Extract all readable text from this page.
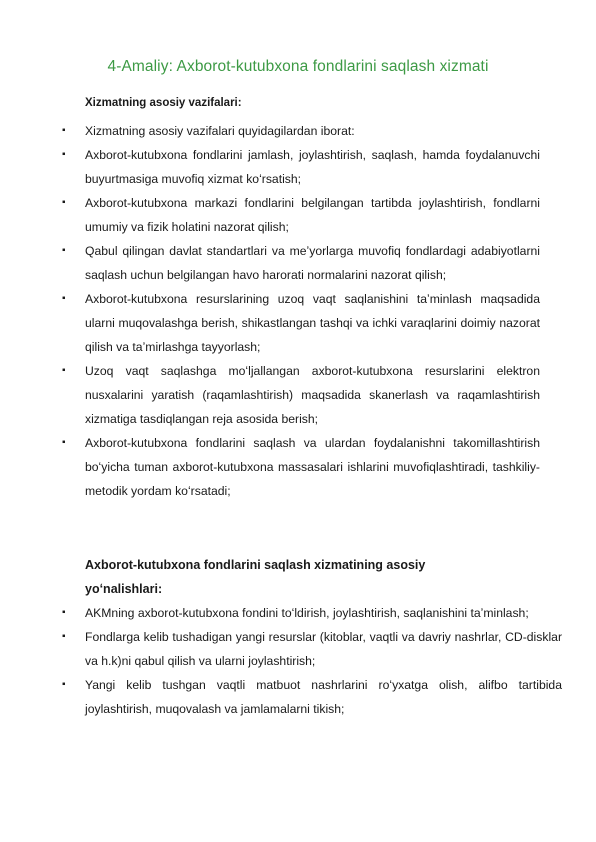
4-Amaliy: Axborot-kutubxona fondlarini saqlash xizmati
Xizmatning asosiy vazifalari:
▪ Xizmatning asosiy vazifalari quyidagilardan iborat:
▪ Axborot-kutubxona fondlarini jamlash, joylashtirish, saqlash, hamda foydalanuvchi buyurtmasiga muvofiq xizmat koʻrsatish;
▪ Axborot-kutubxona markazi fondlarini belgilangan tartibda joylashtirish, fondlarni umumiy va fizik holatini nazorat qilish;
▪ Qabul qilingan davlat standartlari va meʼyorlarga muvofiq fondlardagi adabiyotlarni saqlash uchun belgilangan havo harorati normalarini nazorat qilish;
▪ Axborot-kutubxona resurslarining uzoq vaqt saqlanishini taʼminlash maqsadida ularni muqovalashga berish, shikastlangan tashqi va ichki varaqlarini doimiy nazorat qilish va taʼmirlashga tayyorlash;
▪ Uzoq vaqt saqlashga moʻljallangan axborot-kutubxona resurslarini elektron nusxalarini yaratish (raqamlashtirish) maqsadida skanerlash va raqamlashtirish xizmatiga tasdiqlangan reja asosida berish;
▪ Axborot-kutubxona fondlarini saqlash va ulardan foydalanishni takomillashtirish boʻyicha tuman axborot-kutubxona massasalari ishlarini muvofiqlashtiradi, tashkiliy-metodik yordam koʻrsatadi;
Axborot-kutubxona fondlarini saqlash xizmatining asosiy yoʻnalishlari:
▪ AKMning axborot-kutubxona fondini toʻldirish, joylashtirish, saqlanishini taʼminlash;
▪ Fondlarga kelib tushadigan yangi resurslar (kitoblar, vaqtli va davriy nashrlar, CD-disklar va h.k)ni qabul qilish va ularni joylashtirish;
▪ Yangi kelib tushgan vaqtli matbuot nashrlarini roʻyxatga olish, alifbo tartibida joylashtirish, muqovalash va jamlamalarni tikish;
